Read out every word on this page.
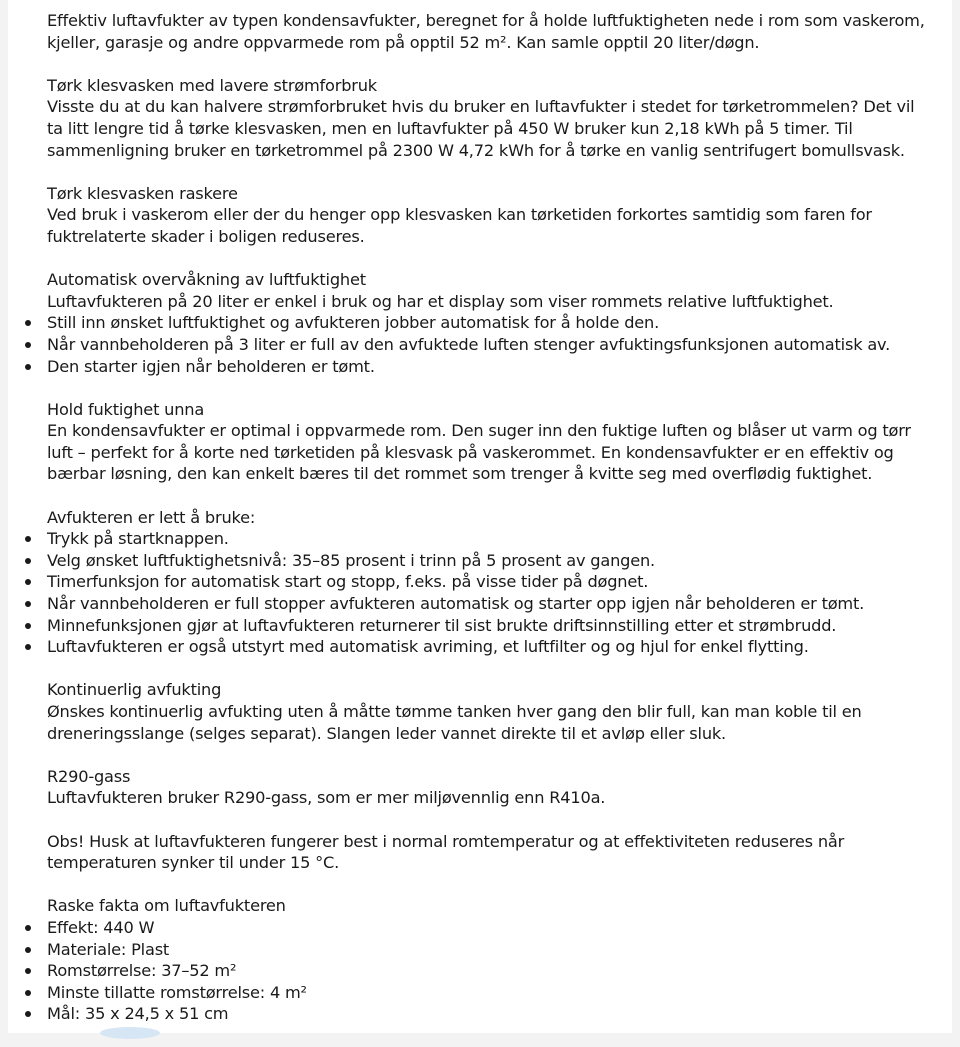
Effektiv luftavfukter av typen kondensavfukter, beregnet for å holde luftfuktigheten nede i rom som vaskerom, kjeller, garasje og andre oppvarmede rom på opptil 52 m². Kan samle opptil 20 liter/døgn.

Tørk klesvasken med lavere strømforbruk

Visste du at du kan halvere strømforbruket hvis du bruker en luftavfukter i stedet for tørketrommelen? Det vil ta litt lengre tid å tørke klesvasken, men en luftavfukter på 450 W bruker kun 2,18 kWh på 5 timer. Til sammenligning bruker en tørketrommel på 2300 W 4,72 kWh for å tørke en vanlig sentrifugert bomullsvask.

Tørk klesvasken raskere

Ved bruk i vaskerom eller der du henger opp klesvasken kan tørketiden forkortes samtidig som faren for fuktrelaterte skader i boligen reduseres.

Automatisk overvåkning av luftfuktighet

Luftavfukteren på 20 liter er enkel i bruk og har et display som viser rommets relative luftfuktighet.

Still inn ønsket luftfuktighet og avfukteren jobber automatisk for å holde den.
Når vannbeholderen på 3 liter er full av den avfuktede luften stenger avfuktingsfunksjonen automatisk av.
Den starter igjen når beholderen er tømt.

Hold fuktighet unna

En kondensavfukter er optimal i oppvarmede rom. Den suger inn den fuktige luften og blåser ut varm og tørr luft – perfekt for å korte ned tørketiden på klesvask på vaskerommet. En kondensavfukter er en effektiv og bærbar løsning, den kan enkelt bæres til det rommet som trenger å kvitte seg med overflødig fuktighet.

Avfukteren er lett å bruke:

Trykk på startknappen.
Velg ønsket luftfuktighetsnivå: 35–85 prosent i trinn på 5 prosent av gangen.
Timerfunksjon for automatisk start og stopp, f.eks. på visse tider på døgnet.
Når vannbeholderen er full stopper avfukteren automatisk og starter opp igjen når beholderen er tømt.
Minnefunksjonen gjør at luftavfukteren returnerer til sist brukte driftsinnstilling etter et strømbrudd.
Luftavfukteren er også utstyrt med automatisk avriming, et luftfilter og og hjul for enkel flytting.

Kontinuerlig avfukting

Ønskes kontinuerlig avfukting uten å måtte tømme tanken hver gang den blir full, kan man koble til en dreneringsslange (selges separat). Slangen leder vannet direkte til et avløp eller sluk.

R290-gass

Luftavfukteren bruker R290-gass, som er mer miljøvennlig enn R410a.

Obs! Husk at luftavfukteren fungerer best i normal romtemperatur og at effektiviteten reduseres når temperaturen synker til under 15 °C.

Raske fakta om luftavfukteren

Effekt: 440 W
Materiale: Plast
Romstørrelse: 37–52 m²
Minste tillatte romstørrelse: 4 m²
Mål: 35 x 24,5 x 51 cm
